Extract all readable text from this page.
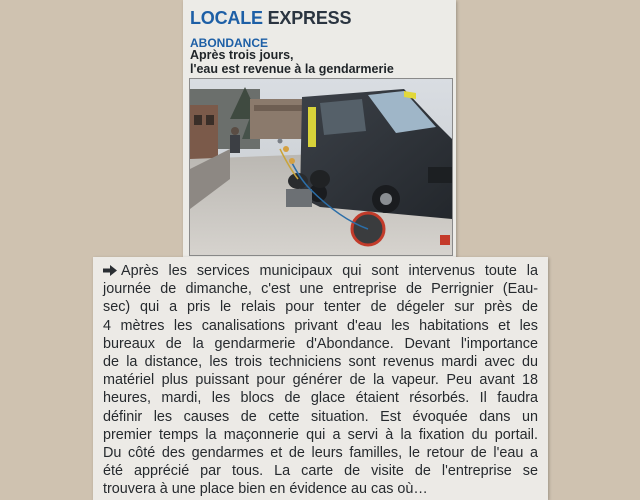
LOCALE EXPRESS
ABONDANCE
Après trois jours,
l'eau est revenue à la gendarmerie
Après les services municipaux qui sont intervenus toute la
journée de dimanche, c'est une entreprise de Perrignier (Eau-
sec) qui a pris le relais pour tenter de dégeler sur près de
4 mètres les canalisations privant d'eau les habitations et les
bureaux de la gendarmerie d'Abondance. Devant l'importance
de la distance, les trois techniciens sont revenus mardi avec du
matériel plus puissant pour générer de la vapeur. Peu avant 18
heures, mardi, les blocs de glace étaient résorbés. Il faudra
définir les causes de cette situation. Est évoquée dans un
premier temps la maçonnerie qui a servi à la fixation du portail.
Du côté des gendarmes et de leurs familles, le retour de l'eau a
été apprécié par tous. La carte de visite de l'entreprise se
trouvera à une place bien en évidence au cas où…
